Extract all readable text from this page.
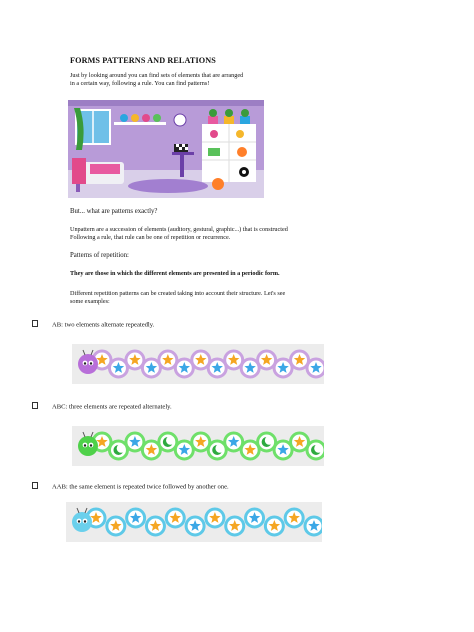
FORMS PATTERNS AND RELATIONS
Just by looking around you can find sets of elements that are arranged
in a certain way, following a rule. You can find patterns!
But... what are patterns exactly?
Unpattern are a succession of elements (auditory, gestural, graphic...) that is constructed
Following a rule, that rule can be one of repetition or recurrence.
Patterns of repetition:
They are those in which the different elements are presented in a periodic form.
Different repetition patterns can be created taking into account their structure. Let's see
some examples:
AB: two elements alternate repeatedly.
ABC: three elements are repeated alternately.
AAB: the same element is repeated twice followed by another one.
